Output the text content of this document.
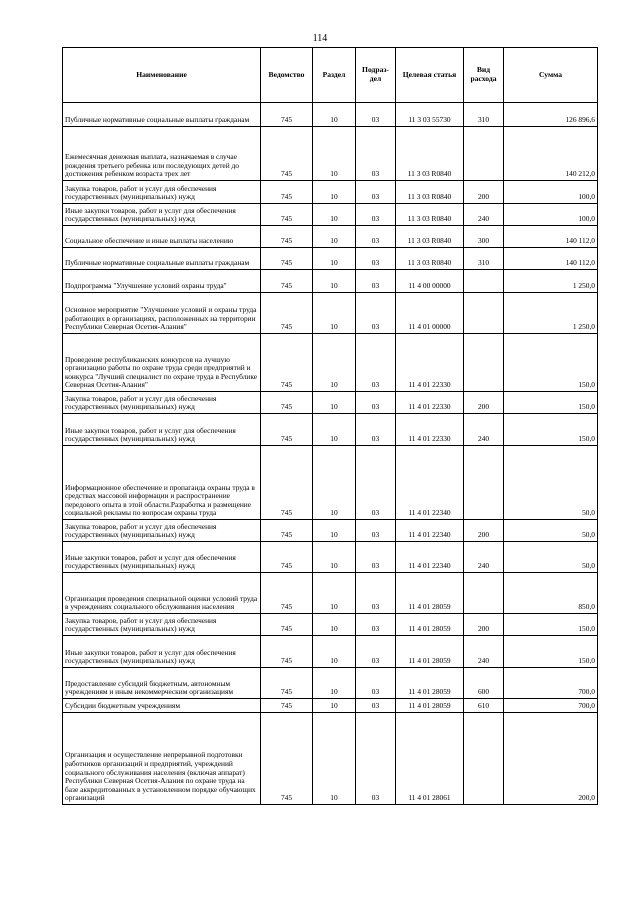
114
Наименование	Ведомство	Раздел	Подраз-дел	Целевая статья	Вид расхода	Сумма
Публичные нормативные социальные выплаты гражданам	745	10	03	11 3 03 55730	310	126 896,6
Ежемесячная денежная выплата, назначаемая в случае рождения третьего ребенка или последующих детей до достижения ребенком возраста трех лет	745	10	03	11 3 03 R0840		140 212,0
Закупка товаров, работ и услуг для обеспечения государственных (муниципальных) нужд	745	10	03	11 3 03 R0840	200	100,0
Иные закупки товаров, работ и услуг для обеспечения государственных (муниципальных) нужд	745	10	03	11 3 03 R0840	240	100,0
Социальное обеспечение и иные выплаты населению	745	10	03	11 3 03 R0840	300	140 112,0
Публичные нормативные социальные выплаты гражданам	745	10	03	11 3 03 R0840	310	140 112,0
Подпрограмма "Улучшение условий охраны труда"	745	10	03	11 4 00 00000		1 250,0
Основное мероприятие "Улучшение условий и охраны труда работающих в организациях, расположенных на территории Республики Северная Осетия-Алания"	745	10	03	11 4 01 00000		1 250,0
Проведение республиканских конкурсов на лучшую организацию работы по охране труда среди предприятий и конкурса "Лучший специалист по охране труда в Республике Северная Осетия-Алания"	745	10	03	11 4 01 22330		150,0
Закупка товаров, работ и услуг для обеспечения государственных (муниципальных) нужд	745	10	03	11 4 01 22330	200	150,0
Иные закупки товаров, работ и услуг для обеспечения государственных (муниципальных) нужд	745	10	03	11 4 01 22330	240	150,0
Информационное обеспечение и пропаганда охраны труда в средствах массовой информации и распространение передового опыта в этой области.Разработка и размещение социальной рекламы по вопросам охраны труда	745	10	03	11 4 01 22340		50,0
Закупка товаров, работ и услуг для обеспечения государственных (муниципальных) нужд	745	10	03	11 4 01 22340	200	50,0
Иные закупки товаров, работ и услуг для обеспечения государственных (муниципальных) нужд	745	10	03	11 4 01 22340	240	50,0
Организация проведения специальной оценки условий труда в учреждениях социального обслуживания населения	745	10	03	11 4 01 28059		850,0
Закупка товаров, работ и услуг для обеспечения государственных (муниципальных) нужд	745	10	03	11 4 01 28059	200	150,0
Иные закупки товаров, работ и услуг для обеспечения государственных (муниципальных) нужд	745	10	03	11 4 01 28059	240	150,0
Предоставление субсидий бюджетным, автономным учреждениям и иным некоммерческим организациям	745	10	03	11 4 01 28059	600	700,0
Субсидии бюджетным учреждениям	745	10	03	11 4 01 28059	610	700,0
Организация и осуществление непрерывной подготовки работников организаций и предприятий, учреждений социального обслуживания населения (включая аппарат) Республики Северная Осетия-Алания по охране труда на базе аккредитованных в установленном порядке обучающих организаций	745	10	03	11 4 01 28061		200,0
